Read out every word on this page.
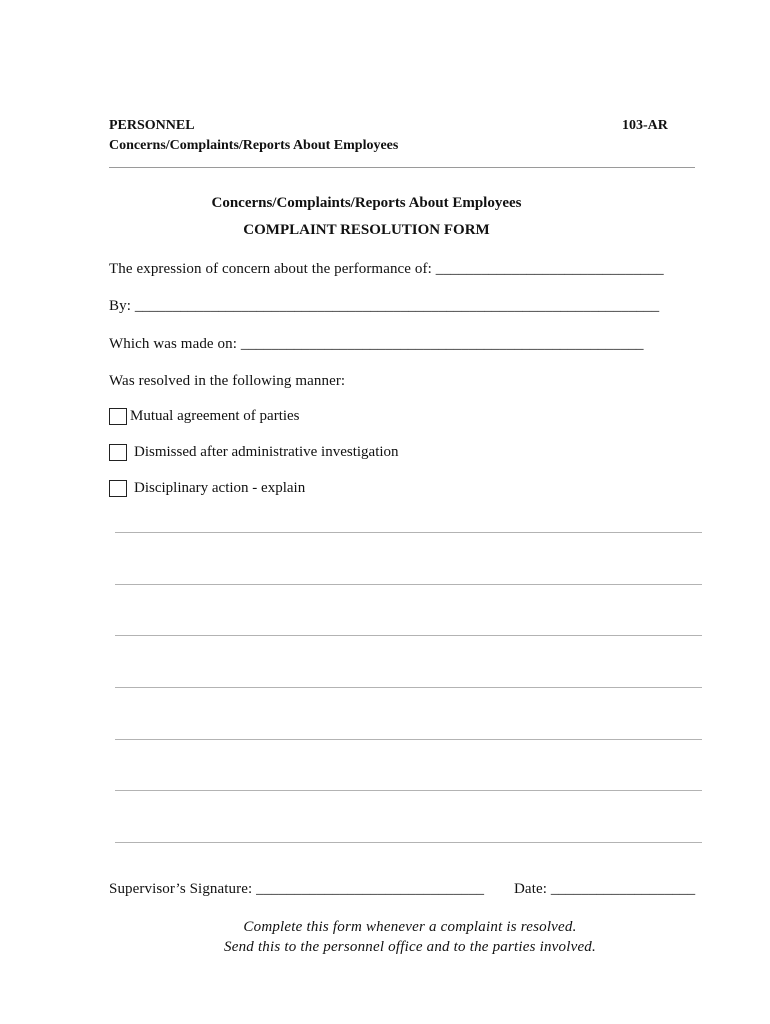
PERSONNEL
Concerns/Complaints/Reports About Employees
103-AR
Concerns/Complaints/Reports About Employees
COMPLAINT RESOLUTION FORM
The expression of concern about the performance of: ______________________________
By: _____________________________________________________________________
Which was made on: _____________________________________________________
Was resolved in the following manner:
Mutual agreement of parties
Dismissed after administrative investigation
Disciplinary action - explain
Supervisor’s Signature: ______________________________ Date: ___________________
Complete this form whenever a complaint is resolved.
Send this to the personnel office and to the parties involved.
